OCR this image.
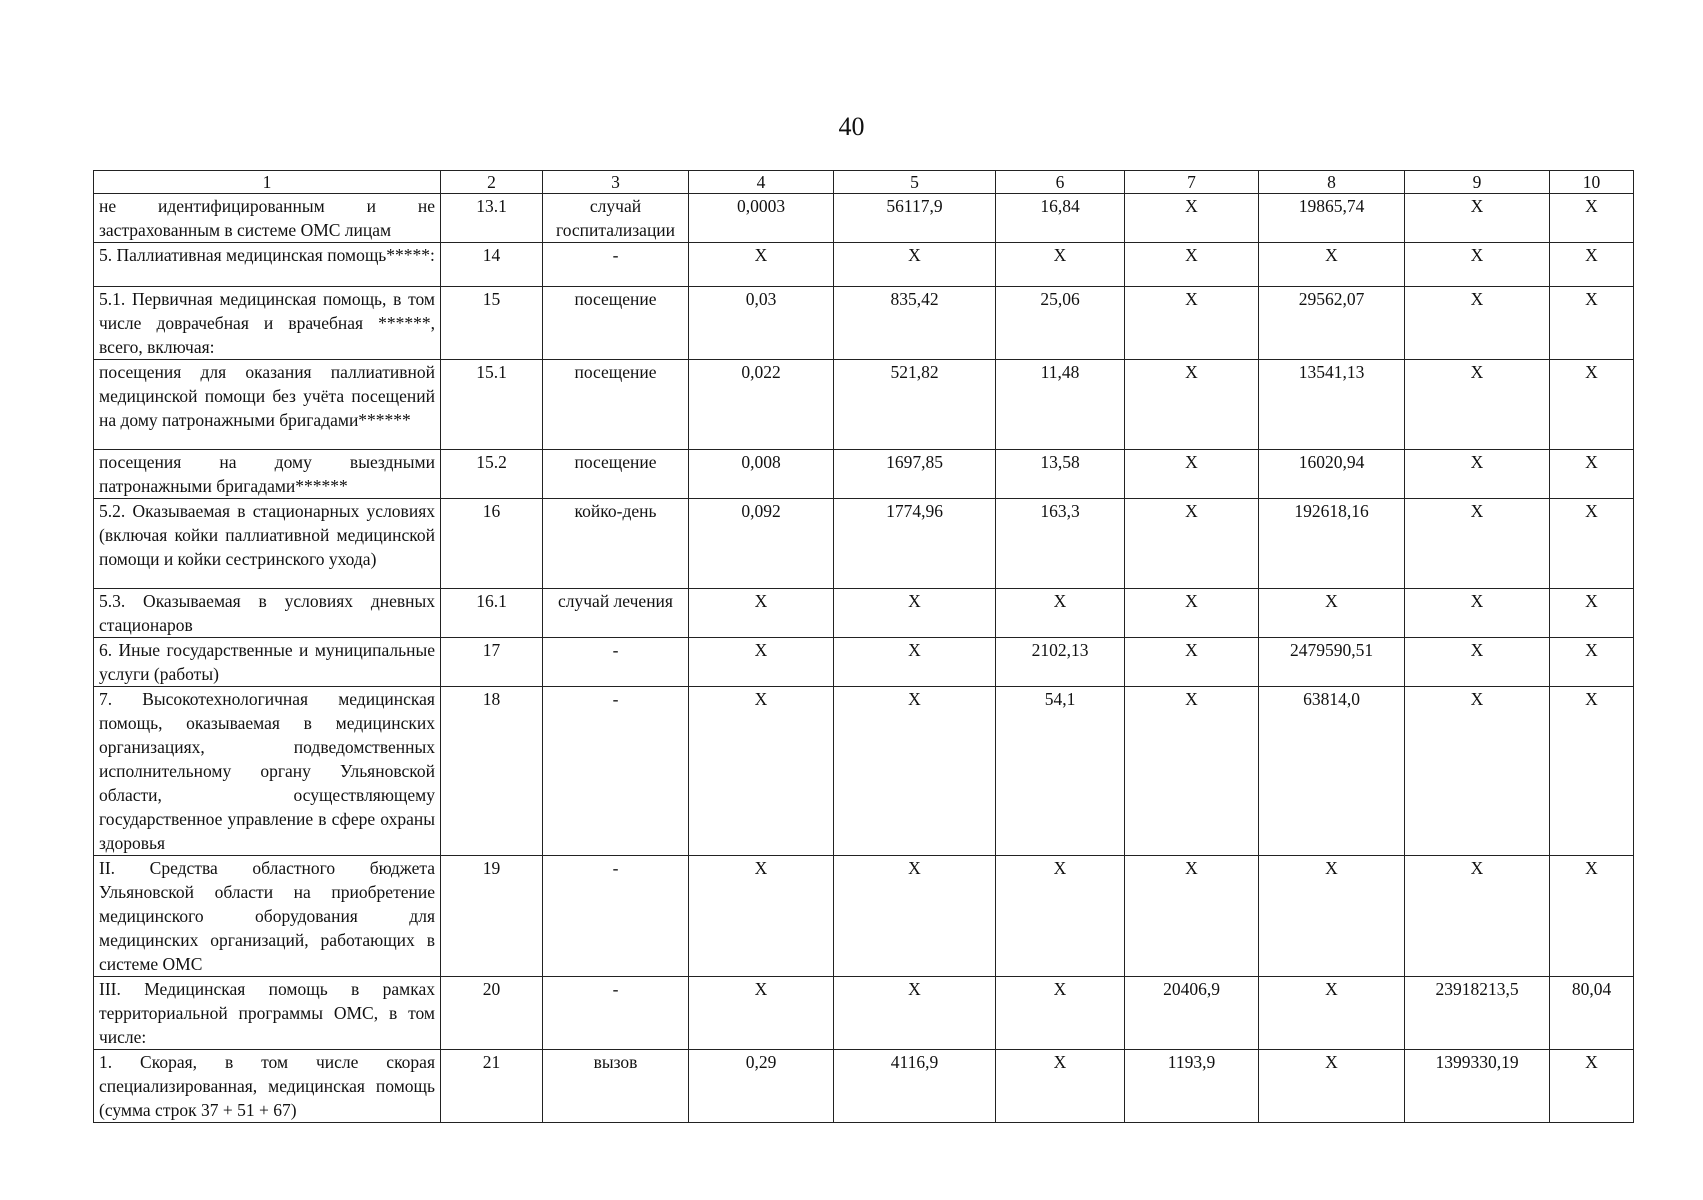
40
1	2	3	4	5	6	7	8	9	10
не идентифицированным и не застрахованным в системе ОМС лицам	13.1	случай госпитализации	0,0003	56117,9	16,84	X	19865,74	X	X
5. Паллиативная медицинская помощь*****:	14	-	X	X	X	X	X	X	X
5.1. Первичная медицинская помощь, в том числе доврачебная и врачебная ******, всего, включая:	15	посещение	0,03	835,42	25,06	X	29562,07	X	X
посещения для оказания паллиативной медицинской помощи без учёта посещений на дому патронажными бригадами******	15.1	посещение	0,022	521,82	11,48	X	13541,13	X	X
посещения на дому выездными патронажными бригадами******	15.2	посещение	0,008	1697,85	13,58	X	16020,94	X	X
5.2. Оказываемая в стационарных условиях (включая койки паллиативной медицинской помощи и койки сестринского ухода)	16	койко-день	0,092	1774,96	163,3	X	192618,16	X	X
5.3. Оказываемая в условиях дневных стационаров	16.1	случай лечения	X	X	X	X	X	X	X
6. Иные государственные и муниципальные услуги (работы)	17	-	X	X	2102,13	X	2479590,51	X	X
7. Высокотехнологичная медицинская помощь, оказываемая в медицинских организациях, подведомственных исполнительному органу Ульяновской области, осуществляющему государственное управление в сфере охраны здоровья	18	-	X	X	54,1	X	63814,0	X	X
II. Средства областного бюджета Ульяновской области на приобретение медицинского оборудования для медицинских организаций, работающих в системе ОМС	19	-	X	X	X	X	X	X	X
III. Медицинская помощь в рамках территориальной программы ОМС, в том числе:	20	-	X	X	X	20406,9	X	23918213,5	80,04
1. Скорая, в том числе скорая специализированная, медицинская помощь (сумма строк 37 + 51 + 67)	21	вызов	0,29	4116,9	X	1193,9	X	1399330,19	X
